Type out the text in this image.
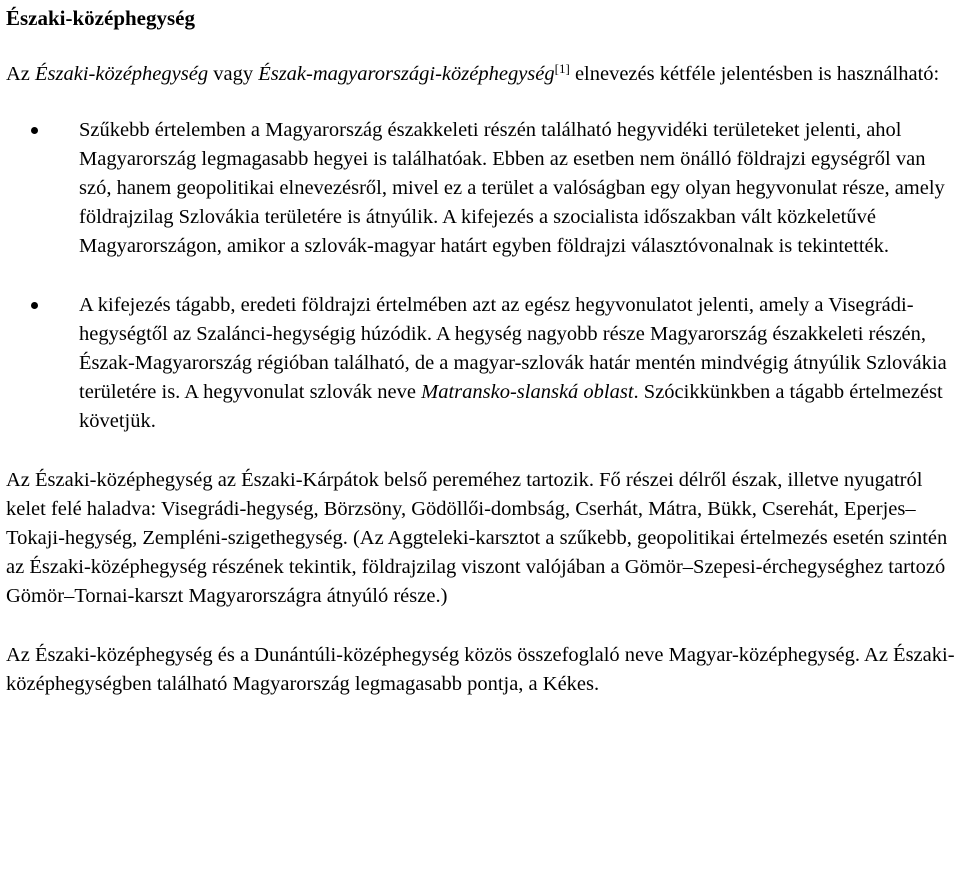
Északi-középhegység

Az Északi-középhegység vagy Észak-magyarországi-középhegység[1] elnevezés kétféle jelentésben is használható:

Szűkebb értelemben a Magyarország északkeleti részén található hegyvidéki területeket jelenti, ahol Magyarország legmagasabb hegyei is találhatóak. Ebben az esetben nem önálló földrajzi egységről van szó, hanem geopolitikai elnevezésről, mivel ez a terület a valóságban egy olyan hegyvonulat része, amely földrajzilag Szlovákia területére is átnyúlik. A kifejezés a szocialista időszakban vált közkeletűvé Magyarországon, amikor a szlovák-magyar határt egyben földrajzi választóvonalnak is tekintették.
A kifejezés tágabb, eredeti földrajzi értelmében azt az egész hegyvonulatot jelenti, amely a Visegrádi-hegységtől az Szalánci-hegységig húzódik. A hegység nagyobb része Magyarország északkeleti részén, Észak-Magyarország régióban található, de a magyar-szlovák határ mentén mindvégig átnyúlik Szlovákia területére is. A hegyvonulat szlovák neve Matransko-slanská oblast. Szócikkünkben a tágabb értelmezést követjük.

Az Északi-középhegység az Északi-Kárpátok belső pereméhez tartozik. Fő részei délről észak, illetve nyugatról kelet felé haladva: Visegrádi-hegység, Börzsöny, Gödöllői-dombság, Cserhát, Mátra, Bükk, Cserehát, Eperjes–Tokaji-hegység, Zempléni-szigethegység. (Az Aggteleki-karsztot a szűkebb, geopolitikai értelmezés esetén szintén az Északi-középhegység részének tekintik, földrajzilag viszont valójában a Gömör–Szepesi-érchegységhez tartozó Gömör–Tornai-karszt Magyarországra átnyúló része.)

Az Északi-középhegység és a Dunántúli-középhegység közös összefoglaló neve Magyar-középhegység. Az Északi-középhegységben található Magyarország legmagasabb pontja, a Kékes.
